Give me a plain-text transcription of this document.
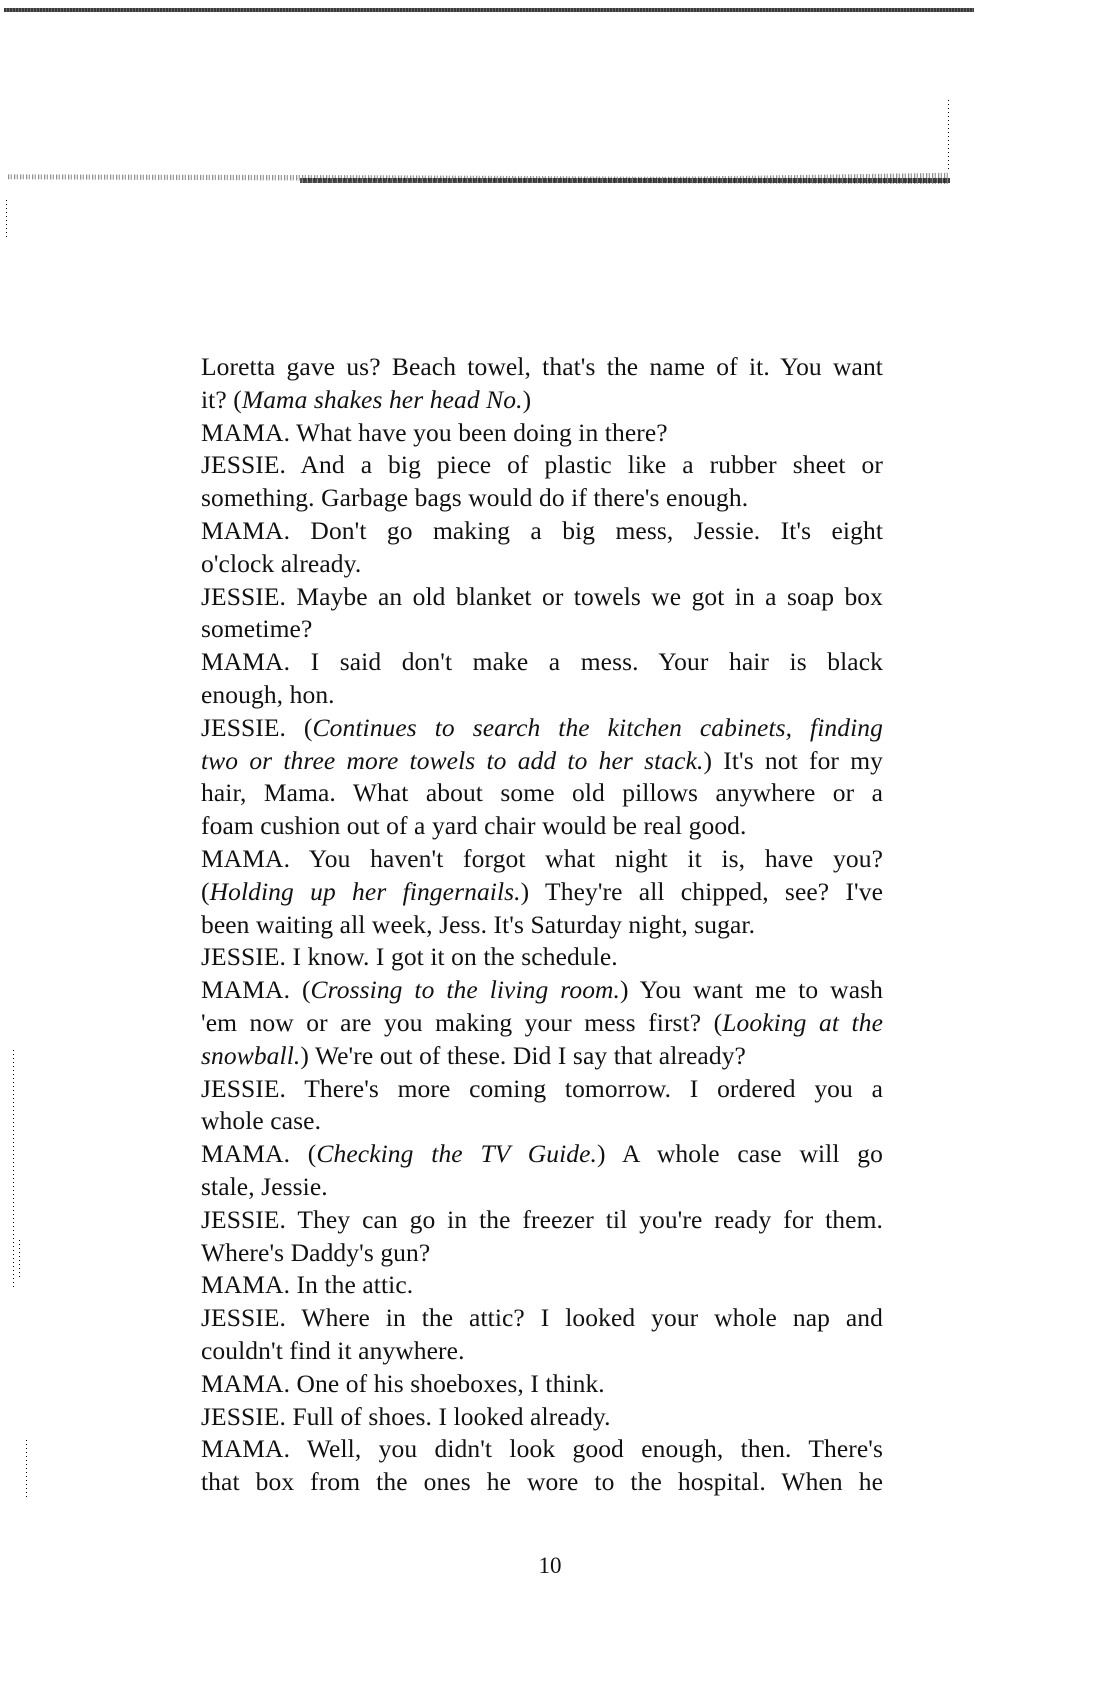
Loretta gave us? Beach towel, that's the name of it. You want
it? (Mama shakes her head No.)
MAMA. What have you been doing in there?
JESSIE. And a big piece of plastic like a rubber sheet or
something. Garbage bags would do if there's enough.
MAMA. Don't go making a big mess, Jessie. It's eight
o'clock already.
JESSIE. Maybe an old blanket or towels we got in a soap box
sometime?
MAMA. I said don't make a mess. Your hair is black
enough, hon.
JESSIE. (Continues to search the kitchen cabinets, finding
two or three more towels to add to her stack.) It's not for my
hair, Mama. What about some old pillows anywhere or a
foam cushion out of a yard chair would be real good.
MAMA. You haven't forgot what night it is, have you?
(Holding up her fingernails.) They're all chipped, see? I've
been waiting all week, Jess. It's Saturday night, sugar.
JESSIE. I know. I got it on the schedule.
MAMA. (Crossing to the living room.) You want me to wash
'em now or are you making your mess first? (Looking at the
snowball.) We're out of these. Did I say that already?
JESSIE. There's more coming tomorrow. I ordered you a
whole case.
MAMA. (Checking the TV Guide.) A whole case will go
stale, Jessie.
JESSIE. They can go in the freezer til you're ready for them.
Where's Daddy's gun?
MAMA. In the attic.
JESSIE. Where in the attic? I looked your whole nap and
couldn't find it anywhere.
MAMA. One of his shoeboxes, I think.
JESSIE. Full of shoes. I looked already.
MAMA. Well, you didn't look good enough, then. There's
that box from the ones he wore to the hospital. When he
10
